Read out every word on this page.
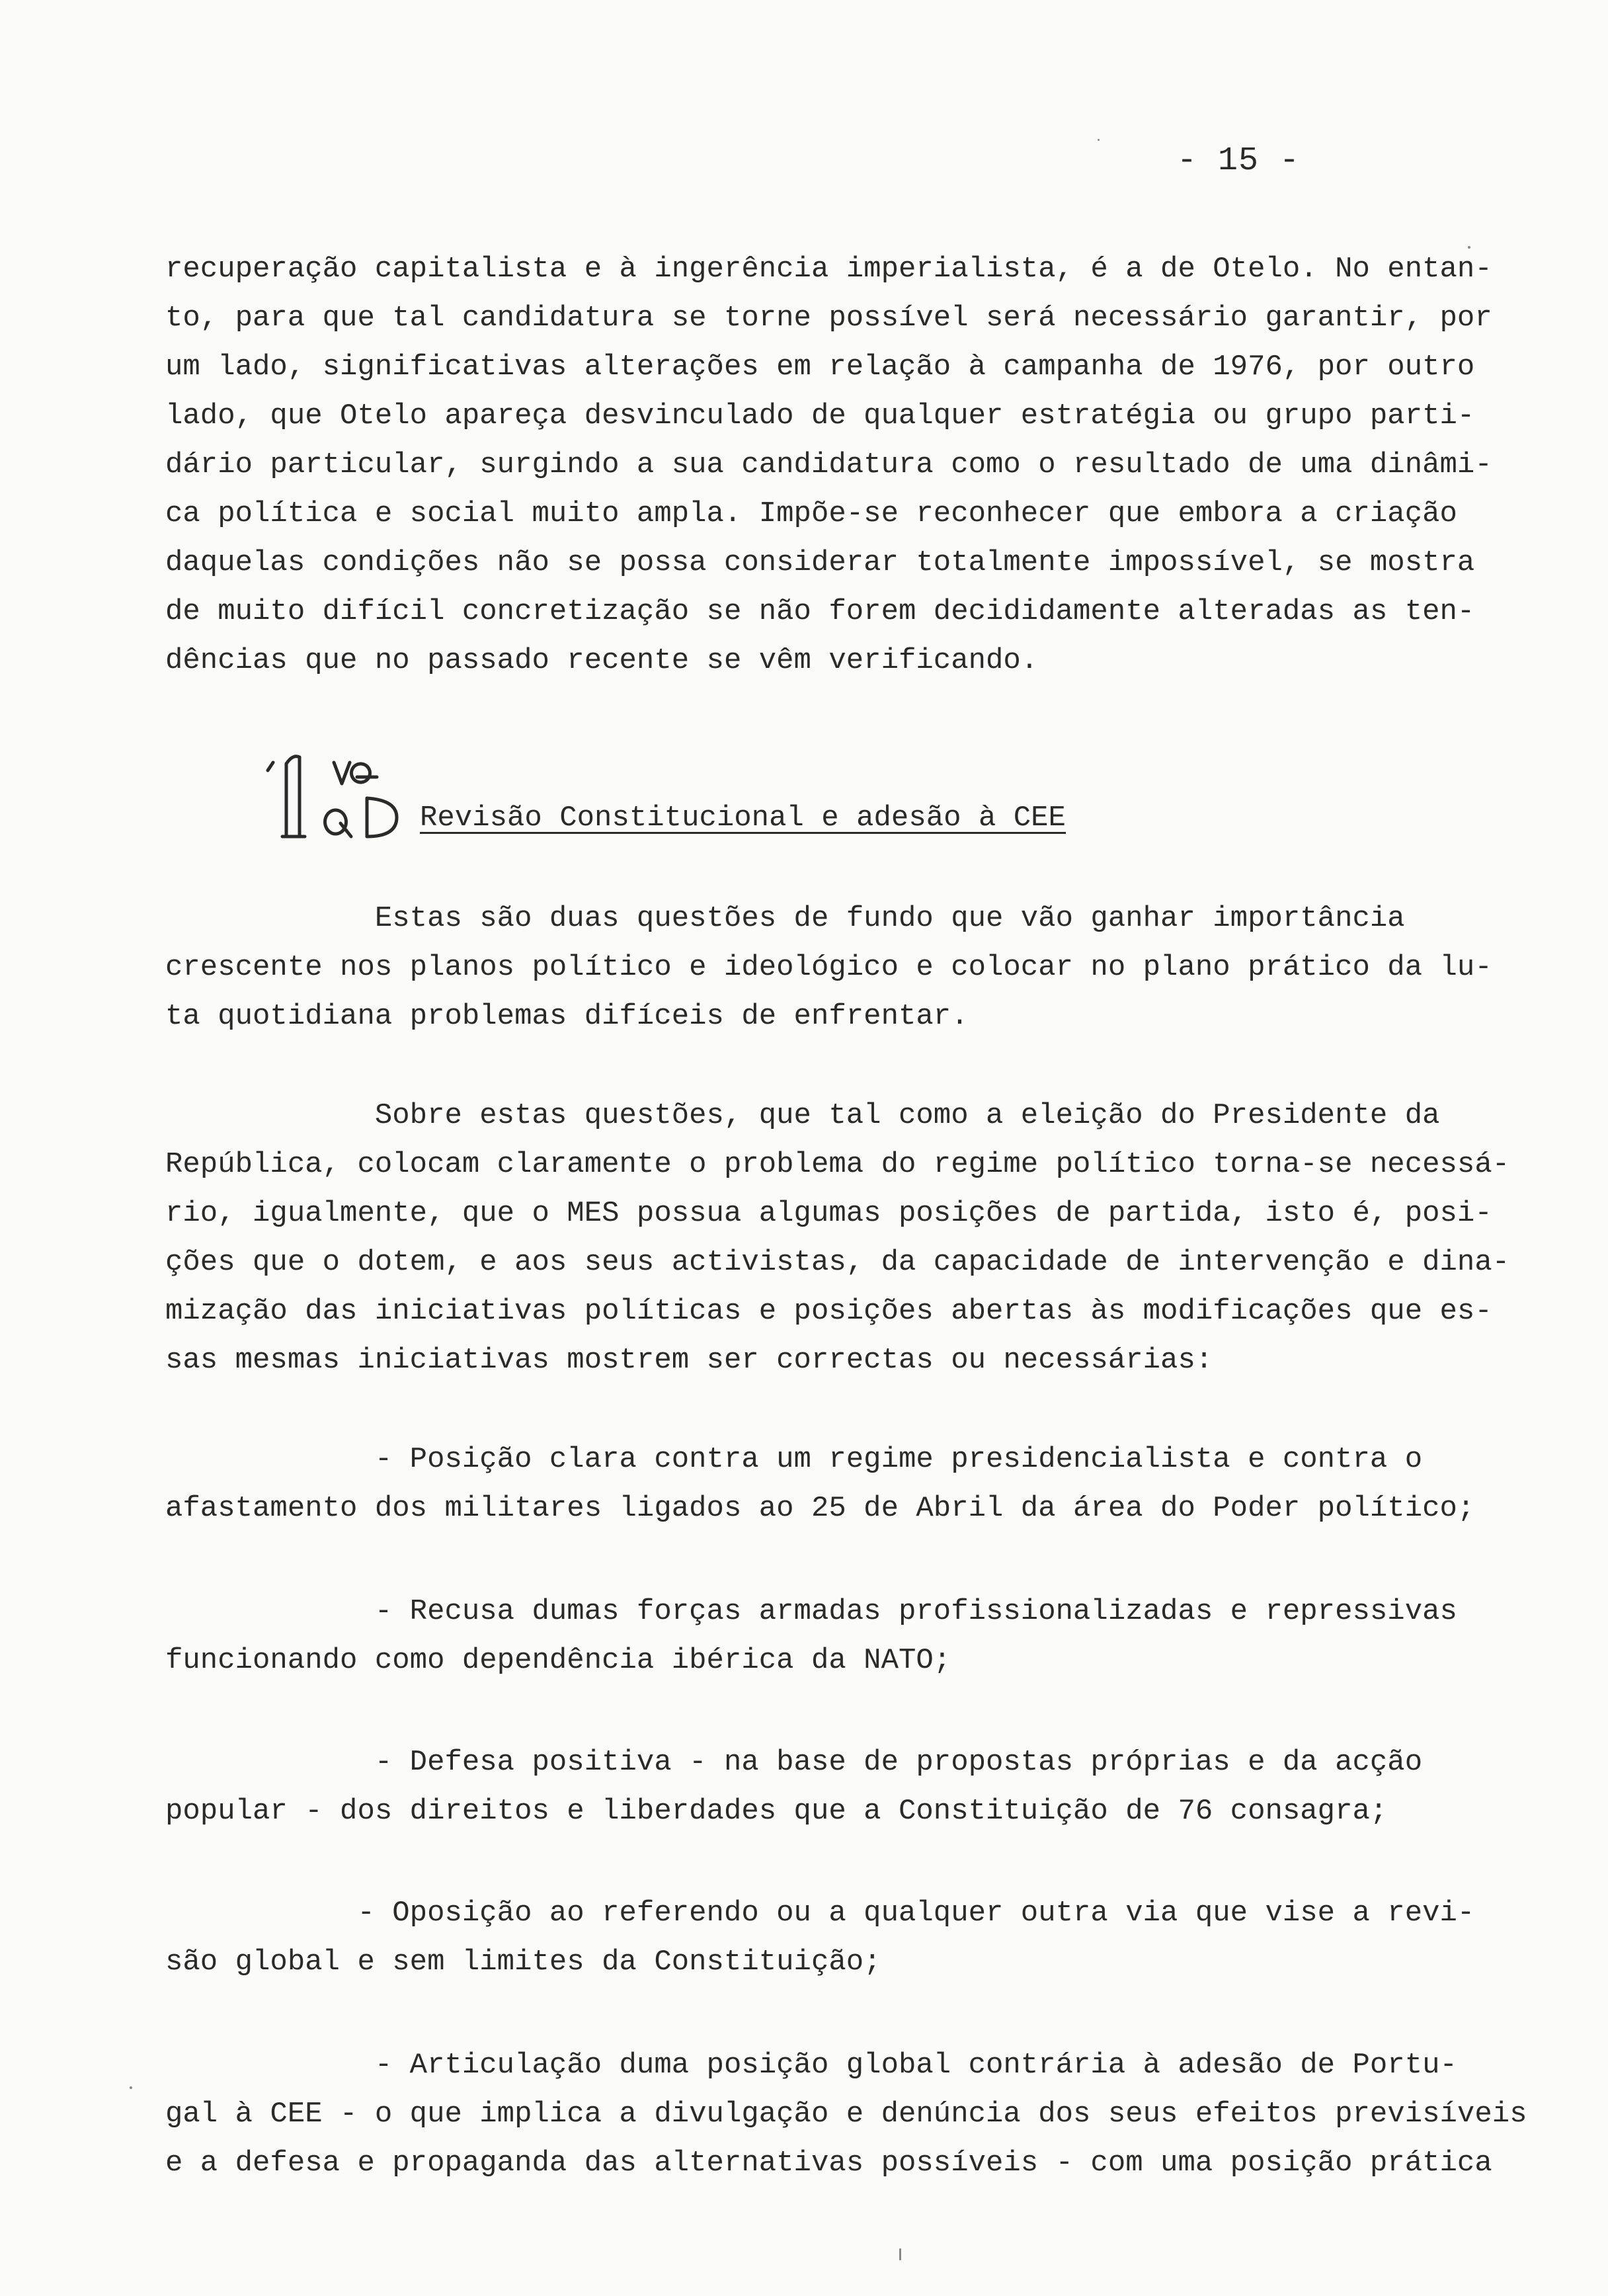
- 15 -
recuperação capitalista e à ingerência imperialista, é a de Otelo. No entan-
to, para que tal candidatura se torne possível será necessário garantir, por
um lado, significativas alterações em relação à campanha de 1976, por outro
lado, que Otelo apareça desvinculado de qualquer estratégia ou grupo parti-
dário particular, surgindo a sua candidatura como o resultado de uma dinâmi-
ca política e social muito ampla. Impõe-se reconhecer que embora a criação
daquelas condições não se possa considerar totalmente impossível, se mostra
de muito difícil concretização se não forem decididamente alteradas as ten-
dências que no passado recente se vêm verificando.
Revisão Constitucional e adesão à CEE
Estas são duas questões de fundo que vão ganhar importância
crescente nos planos político e ideológico e colocar no plano prático da lu-
ta quotidiana problemas difíceis de enfrentar.
Sobre estas questões, que tal como a eleição do Presidente da
República, colocam claramente o problema do regime político torna-se necessá-
rio, igualmente, que o MES possua algumas posições de partida, isto é, posi-
ções que o dotem, e aos seus activistas, da capacidade de intervenção e dina-
mização das iniciativas políticas e posições abertas às modificações que es-
sas mesmas iniciativas mostrem ser correctas ou necessárias:
- Posição clara contra um regime presidencialista e contra o
afastamento dos militares ligados ao 25 de Abril da área do Poder político;
- Recusa dumas forças armadas profissionalizadas e repressivas
funcionando como dependência ibérica da NATO;
- Defesa positiva - na base de propostas próprias e da acção
popular - dos direitos e liberdades que a Constituição de 76 consagra;
- Oposição ao referendo ou a qualquer outra via que vise a revi-
são global e sem limites da Constituição;
- Articulação duma posição global contrária à adesão de Portu-
gal à CEE - o que implica a divulgação e denúncia dos seus efeitos previsíveis
e a defesa e propaganda das alternativas possíveis - com uma posição prática
